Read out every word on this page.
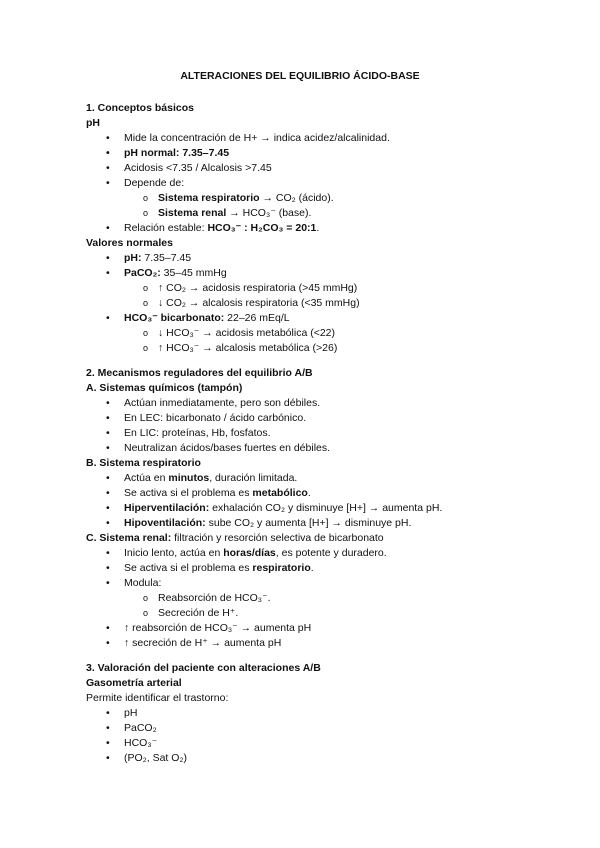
ALTERACIONES DEL EQUILIBRIO ÁCIDO-BASE
1. Conceptos básicos
pH
• Mide la concentración de H+ → indica acidez/alcalinidad.
• pH normal: 7.35–7.45
• Acidosis <7.35 / Alcalosis >7.45
• Depende de:
o Sistema respiratorio → CO₂ (ácido).
o Sistema renal → HCO₃⁻ (base).
• Relación estable: HCO₃⁻ : H₂CO₃ = 20:1.
Valores normales
• pH: 7.35–7.45
• PaCO₂: 35–45 mmHg
o ↑ CO₂ → acidosis respiratoria (>45 mmHg)
o ↓ CO₂ → alcalosis respiratoria (<35 mmHg)
• HCO₃⁻ bicarbonato: 22–26 mEq/L
o ↓ HCO₃⁻ → acidosis metabólica (<22)
o ↑ HCO₃⁻ → alcalosis metabólica (>26)
2. Mecanismos reguladores del equilibrio A/B
A. Sistemas químicos (tampón)
• Actúan inmediatamente, pero son débiles.
• En LEC: bicarbonato / ácido carbónico.
• En LIC: proteínas, Hb, fosfatos.
• Neutralizan ácidos/bases fuertes en débiles.
B. Sistema respiratorio
• Actúa en minutos, duración limitada.
• Se activa si el problema es metabólico.
• Hiperventilación: exhalación CO₂ y disminuye [H+] → aumenta pH.
• Hipoventilación: sube CO₂ y aumenta [H+] → disminuye pH.
C. Sistema renal: filtración y resorción selectiva de bicarbonato
• Inicio lento, actúa en horas/días, es potente y duradero.
• Se activa si el problema es respiratorio.
• Modula:
o Reabsorción de HCO₃⁻.
o Secreción de H⁺.
• ↑ reabsorción de HCO₃⁻ → aumenta pH
• ↑ secreción de H⁺ → aumenta pH
3. Valoración del paciente con alteraciones A/B
Gasometría arterial
Permite identificar el trastorno:
• pH
• PaCO₂
• HCO₃⁻
• (PO₂, Sat O₂)
